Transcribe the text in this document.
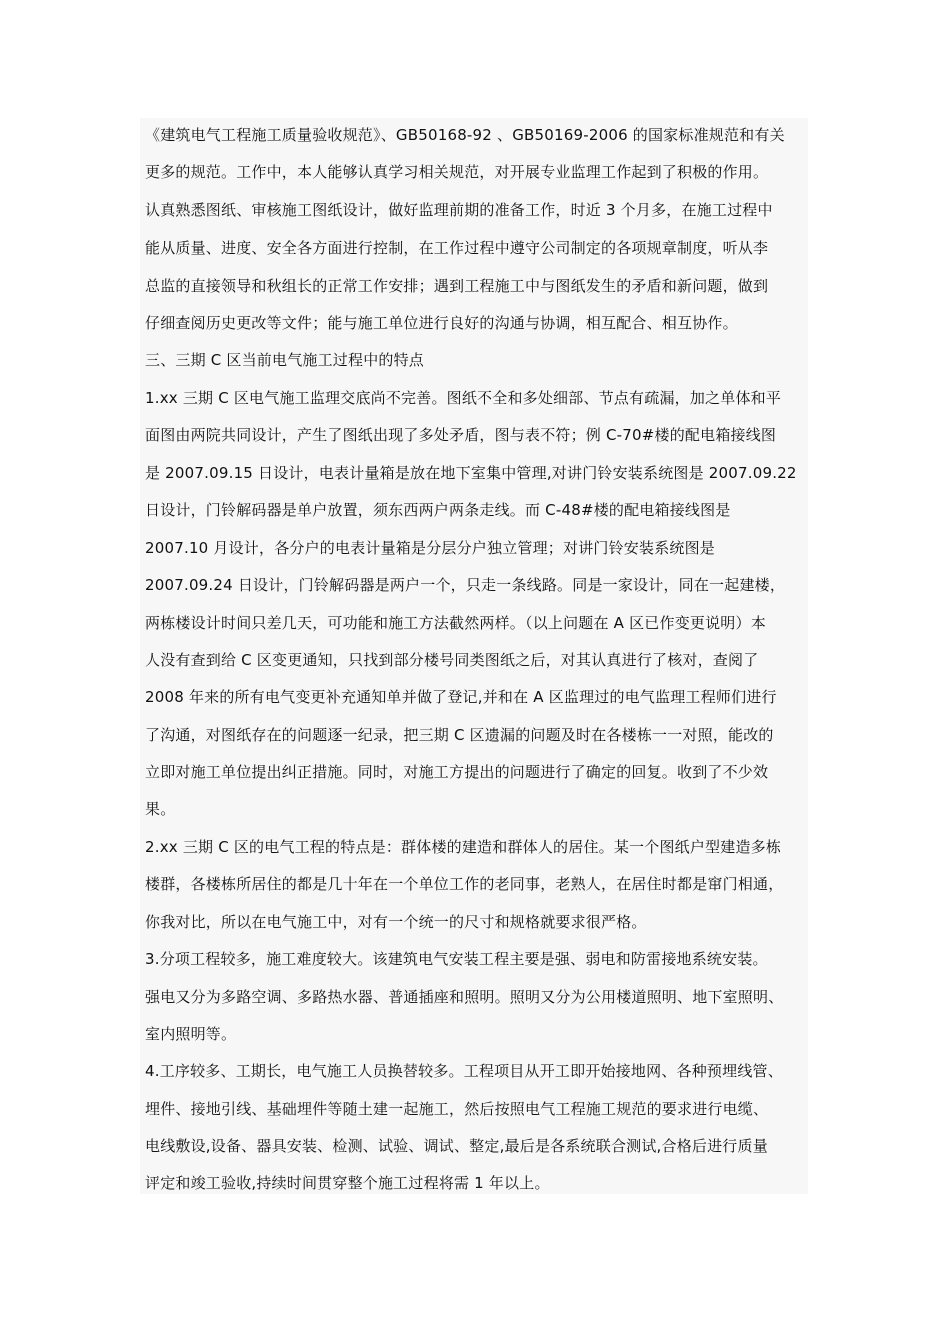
《建筑电气工程施工质量验收规范》、GB50168-92 、GB50169-2006 的国家标准规范和有关
更多的规范。工作中，本人能够认真学习相关规范，对开展专业监理工作起到了积极的作用。
认真熟悉图纸、审核施工图纸设计，做好监理前期的准备工作，时近 3 个月多，在施工过程中
能从质量、进度、安全各方面进行控制，在工作过程中遵守公司制定的各项规章制度，听从李
总监的直接领导和秋组长的正常工作安排；遇到工程施工中与图纸发生的矛盾和新问题，做到
仔细查阅历史更改等文件；能与施工单位进行良好的沟通与协调，相互配合、相互协作。
三、三期 C 区当前电气施工过程中的特点
1.xx 三期 C 区电气施工监理交底尚不完善。图纸不全和多处细部、节点有疏漏，加之单体和平
面图由两院共同设计，产生了图纸出现了多处矛盾，图与表不符；例 C-70#楼的配电箱接线图
是 2007.09.15 日设计，电表计量箱是放在地下室集中管理,对讲门铃安装系统图是 2007.09.22
日设计，门铃解码器是单户放置，须东西两户两条走线。而 C-48#楼的配电箱接线图是
2007.10 月设计，各分户的电表计量箱是分层分户独立管理；对讲门铃安装系统图是
2007.09.24 日设计，门铃解码器是两户一个，只走一条线路。同是一家设计，同在一起建楼，
两栋楼设计时间只差几天，可功能和施工方法截然两样。（以上问题在 A 区已作变更说明）本
人没有查到给 C 区变更通知，只找到部分楼号同类图纸之后，对其认真进行了核对，查阅了
2008 年来的所有电气变更补充通知单并做了登记,并和在 A 区监理过的电气监理工程师们进行
了沟通，对图纸存在的问题逐一纪录，把三期 C 区遗漏的问题及时在各楼栋一一对照，能改的
立即对施工单位提出纠正措施。同时，对施工方提出的问题进行了确定的回复。收到了不少效
果。
2.xx 三期 C 区的电气工程的特点是：群体楼的建造和群体人的居住。某一个图纸户型建造多栋
楼群，各楼栋所居住的都是几十年在一个单位工作的老同事，老熟人，在居住时都是窜门相通，
你我对比，所以在电气施工中，对有一个统一的尺寸和规格就要求很严格。
3.分项工程较多，施工难度较大。该建筑电气安装工程主要是强、弱电和防雷接地系统安装。
强电又分为多路空调、多路热水器、普通插座和照明。照明又分为公用楼道照明、地下室照明、
室内照明等。
4.工序较多、工期长，电气施工人员换替较多。工程项目从开工即开始接地网、各种预埋线管、
埋件、接地引线、基础埋件等随土建一起施工，然后按照电气工程施工规范的要求进行电缆、
电线敷设,设备、器具安装、检测、试验、调试、整定,最后是各系统联合测试,合格后进行质量
评定和竣工验收,持续时间贯穿整个施工过程将需 1 年以上。
